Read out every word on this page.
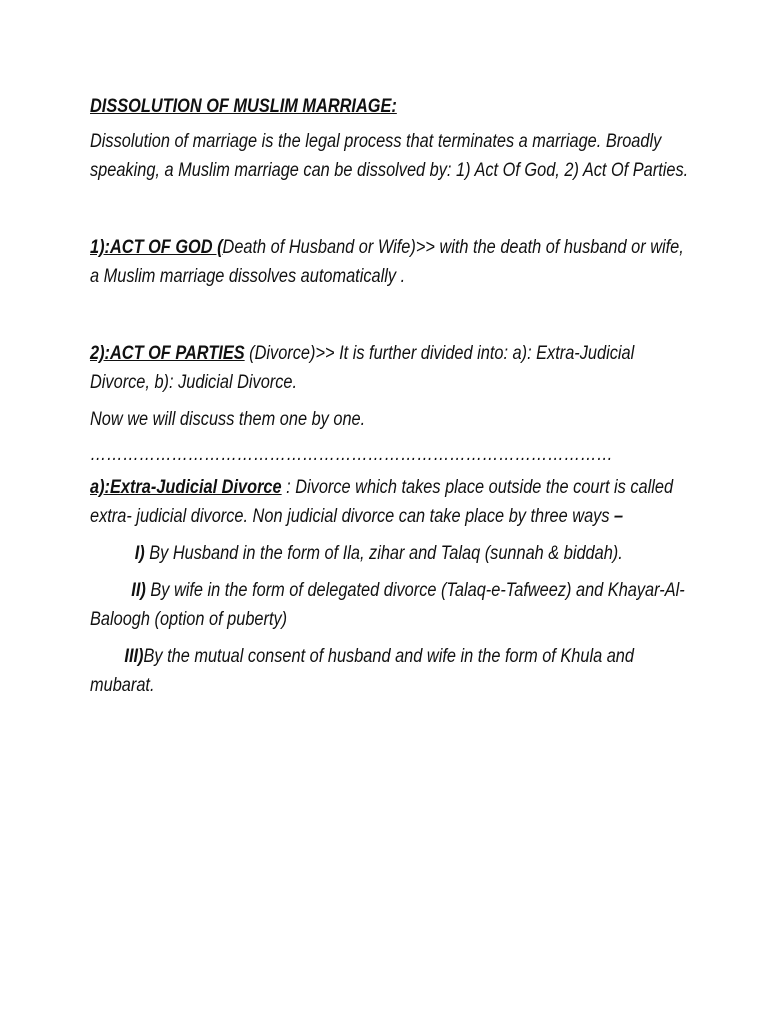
DISSOLUTION OF MUSLIM MARRIAGE:

Dissolution of marriage is the legal process that terminates a marriage. Broadly speaking, a Muslim marriage can be dissolved by: 1) Act Of God, 2) Act Of Parties.

1):ACT OF GOD (Death of Husband or Wife)>> with the death of husband or wife, a Muslim marriage dissolves automatically .

2):ACT OF PARTIES (Divorce)>> It is further divided into: a): Extra-Judicial Divorce, b): Judicial Divorce.

Now we will discuss them one by one.

……………………………………………………………………………………

a):Extra-Judicial Divorce : Divorce which takes place outside the court is called extra- judicial divorce. Non judicial divorce can take place by three ways –

I) By Husband in the form of Ila, zihar and Talaq (sunnah & biddah).

II) By wife in the form of delegated divorce (Talaq-e-Tafweez) and Khayar-Al-Baloogh (option of puberty)

III)By the mutual consent of husband and wife in the form of Khula and mubarat.
